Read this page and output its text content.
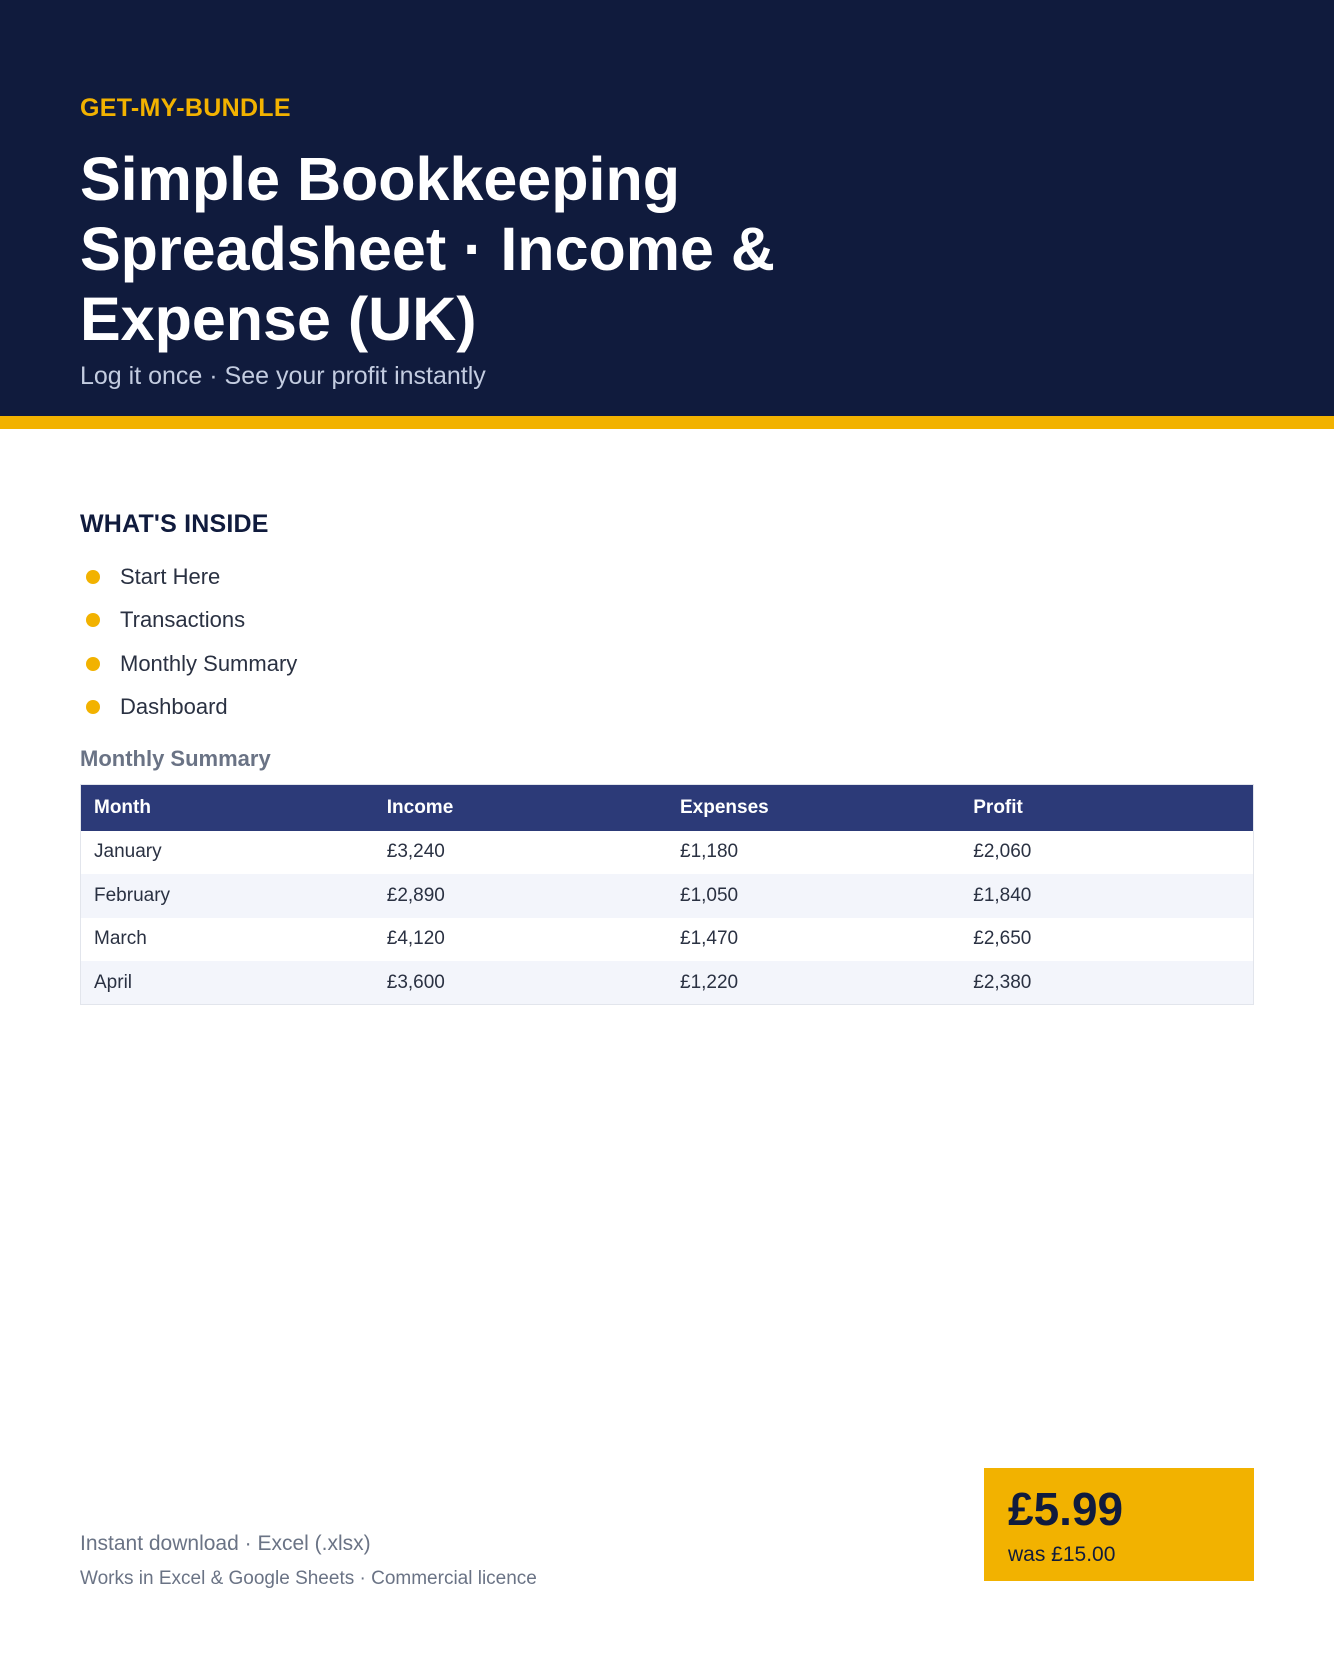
GET-MY-BUNDLE
Simple Bookkeeping Spreadsheet · Income & Expense (UK)
Log it once · See your profit instantly
WHAT'S INSIDE
Start Here
Transactions
Monthly Summary
Dashboard
Monthly Summary
Month	Income	Expenses	Profit
January	£3,240	£1,180	£2,060
February	£2,890	£1,050	£1,840
March	£4,120	£1,470	£2,650
April	£3,600	£1,220	£2,380
Instant download · Excel (.xlsx)
Works in Excel & Google Sheets · Commercial licence
£5.99
was £15.00
